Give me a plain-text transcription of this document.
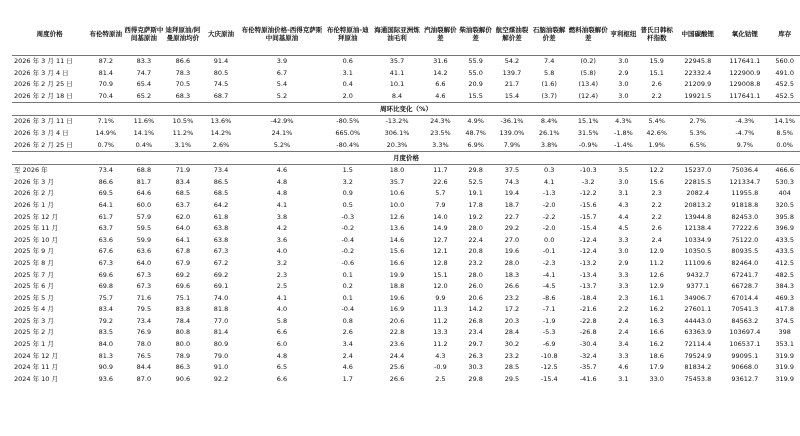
周度价格	布伦特原油	西得克萨斯中间基原油	迪拜原油/阿曼原油均价	大庆原油	布伦特原油价格-西得克萨斯中间基原油	布伦特原油-迪拜原油	海通国际亚洲炼油毛利	汽油裂解价差	柴油裂解价差	航空煤油裂解价差	石脑油裂解价差	燃料油裂解价差	亨利枢纽	普氏日韩标杆指数	中国碳酸锂	氧化钴锂	库存
2026 年 3 月 11 日	87.2	83.3	86.6	91.4	3.9	0.6	35.7	31.6	55.9	54.2	7.4	(0.2)	3.0	15.9	22945.8	117641.1	560.0
2026 年 3 月 4 日	81.4	74.7	78.3	80.5	6.7	3.1	41.1	14.2	55.0	139.7	5.8	(5.8)	2.9	15.1	22332.4	122900.9	491.0
2026 年 2 月 25 日	70.9	65.4	70.5	74.5	5.4	0.4	10.1	6.6	20.9	21.7	(1.6)	(13.4)	3.0	2.6	21209.9	129008.8	452.5
2026 年 2 月 18 日	70.4	65.2	68.3	68.7	5.2	2.0	8.4	4.6	15.5	15.4	(3.7)	(12.4)	3.0	2.2	19921.5	117641.1	452.5
周环比变化（%）																	
2026 年 3 月 11 日	7.1%	11.6%	10.5%	13.6%	-42.9%	-80.5%	-13.2%	24.3%	4.9%	-36.1%	8.4%	15.1%	4.3%	5.4%	2.7%	-4.3%	14.1%
2026 年 3 月 4 日	14.9%	14.1%	11.2%	14.2%	24.1%	665.0%	306.1%	23.5%	48.7%	139.0%	26.1%	31.5%	-1.8%	42.6%	5.3%	-4.7%	8.5%
2026 年 2 月 25 日	0.7%	0.4%	3.1%	2.6%	5.2%	-80.4%	20.3%	3.3%	6.9%	7.9%	3.8%	-0.9%	-1.4%	1.9%	6.5%	9.7%	0.0%
月度价格																	
至 2026 年	73.4	68.8	71.9	73.4	4.6	1.5	18.0	11.7	29.8	37.5	0.3	-10.3	3.5	12.2	15237.0	75036.4	466.6
2026 年 3 月	86.6	81.7	83.4	86.5	4.8	3.2	35.7	22.6	52.5	74.3	4.1	-3.2	3.0	15.6	22815.5	121334.7	530.3
2026 年 2 月	69.5	64.6	68.5	68.5	4.8	0.9	10.6	5.7	19.1	19.4	-1.3	-12.2	3.1	2.3	2082.4	11955.8	404
2026 年 1 月	64.1	60.0	63.7	64.2	4.1	0.5	10.0	7.9	17.8	18.7	-2.0	-15.6	4.3	2.2	20813.2	91818.8	320.5
2025 年 12 月	61.7	57.9	62.0	61.8	3.8	-0.3	12.6	14.0	19.2	22.7	-2.2	-15.7	4.4	2.2	13944.8	82453.0	395.8
2025 年 11 月	63.7	59.5	64.0	63.8	4.2	-0.2	13.6	14.9	28.0	29.2	-2.0	-15.4	4.5	2.6	12138.4	77222.6	396.9
2025 年 10 月	63.6	59.9	64.1	63.8	3.6	-0.4	14.6	12.7	22.4	27.0	0.0	-12.4	3.3	2.4	10334.9	75122.0	433.5
2025 年 9 月	67.6	63.6	67.8	67.3	4.0	-0.2	15.6	12.1	20.8	19.6	-0.1	-12.4	3.0	12.9	10350.5	80935.5	433.5
2025 年 8 月	67.3	64.0	67.9	67.2	3.2	-0.6	16.6	12.8	23.2	28.0	-2.3	-13.2	2.9	11.2	11109.6	82464.0	412.5
2025 年 7 月	69.6	67.3	69.2	69.2	2.3	0.1	19.9	15.1	28.0	18.3	-4.1	-13.4	3.3	12.6	9432.7	67241.7	482.5
2025 年 6 月	69.8	67.3	69.6	69.1	2.5	0.2	18.8	12.0	26.0	26.6	-4.5	-13.7	3.3	12.9	9377.1	66728.7	384.3
2025 年 5 月	75.7	71.6	75.1	74.0	4.1	0.1	19.6	9.9	20.6	23.2	-8.6	-18.4	2.3	16.1	34906.7	67014.4	469.3
2025 年 4 月	83.4	79.5	83.8	81.8	4.0	-0.4	16.9	11.3	14.2	17.2	-7.1	-21.6	2.2	16.2	27601.1	70541.3	417.8
2025 年 3 月	79.2	73.4	78.4	77.0	5.8	0.8	20.6	11.2	26.8	20.3	-1.9	-22.8	2.4	16.3	44443.0	84563.2	374.5
2025 年 2 月	83.5	76.9	80.8	81.4	6.6	2.6	22.8	13.3	23.4	28.4	-5.3	-26.8	2.4	16.6	63363.9	103697.4	398
2025 年 1 月	84.0	78.0	80.0	80.9	6.0	3.4	23.6	11.2	29.7	30.2	-6.9	-30.4	3.4	16.2	72114.4	106537.1	353.1
2024 年 12 月	81.3	76.5	78.9	79.0	4.8	2.4	24.4	4.3	26.3	23.2	-10.8	-32.4	3.3	18.6	79524.9	99095.1	319.9
2024 年 11 月	90.9	84.4	86.3	91.0	6.5	4.6	25.6	-0.9	30.3	28.5	-12.5	-35.7	4.6	17.9	81834.2	90668.0	319.9
2024 年 10 月	93.6	87.0	90.6	92.2	6.6	1.7	26.6	2.5	29.8	29.5	-15.4	-41.6	3.1	33.0	75453.8	93612.7	319.9
